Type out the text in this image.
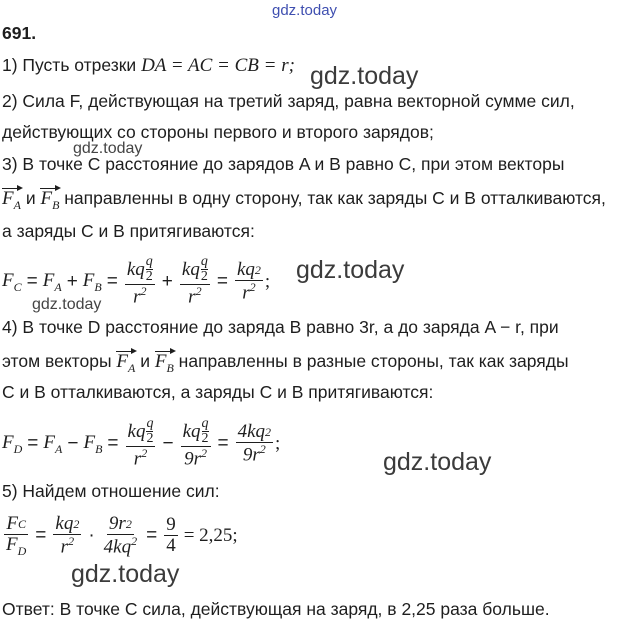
gdz.today
gdz.today
gdz.today
gdz.today
gdz.today
gdz.today
gdz.today
691.
1) Пусть отрезки DA = AC = CB = r;
2) Сила F, действующая на третий заряд, равна векторной сумме сил,
действующих со стороны первого и второго зарядов;
3) В точке C расстояние до зарядов A и B равно C, при этом векторы
$F_A$ и $F_B$ направленны в одну сторону, так как заряды C и B отталкиваются,
а заряды C и B притягиваются:
$F_C = F_A + F_B = \frac{kq \frac{q}{2}}{r^2} + \frac{kq \frac{q}{2}}{r^2} = \frac{kq 2}{r^2}$ ;
4) В точке D расстояние до заряда B равно 3r, а до заряда A − r, при
этом векторы $F_A$ и $F_B$ направленны в разные стороны, так как заряды
C и B отталкиваются, а заряды C и B притягиваются:
$F_D = F_A - F_B = \frac{kq \frac{q}{2}}{r^2} - \frac{kq \frac{q}{2}}{9r^2} = \frac{4kq 2}{9r^2}$ ;
5) Найдем отношение сил:
$\frac{\text{F C}}{F_D} = \frac{kq 2}{r^2} \cdot \frac{9r 2}{4kq^2} = \frac{9}{4} = 2,25$;
Ответ: В точке C сила, действующая на заряд, в 2,25 раза больше.
